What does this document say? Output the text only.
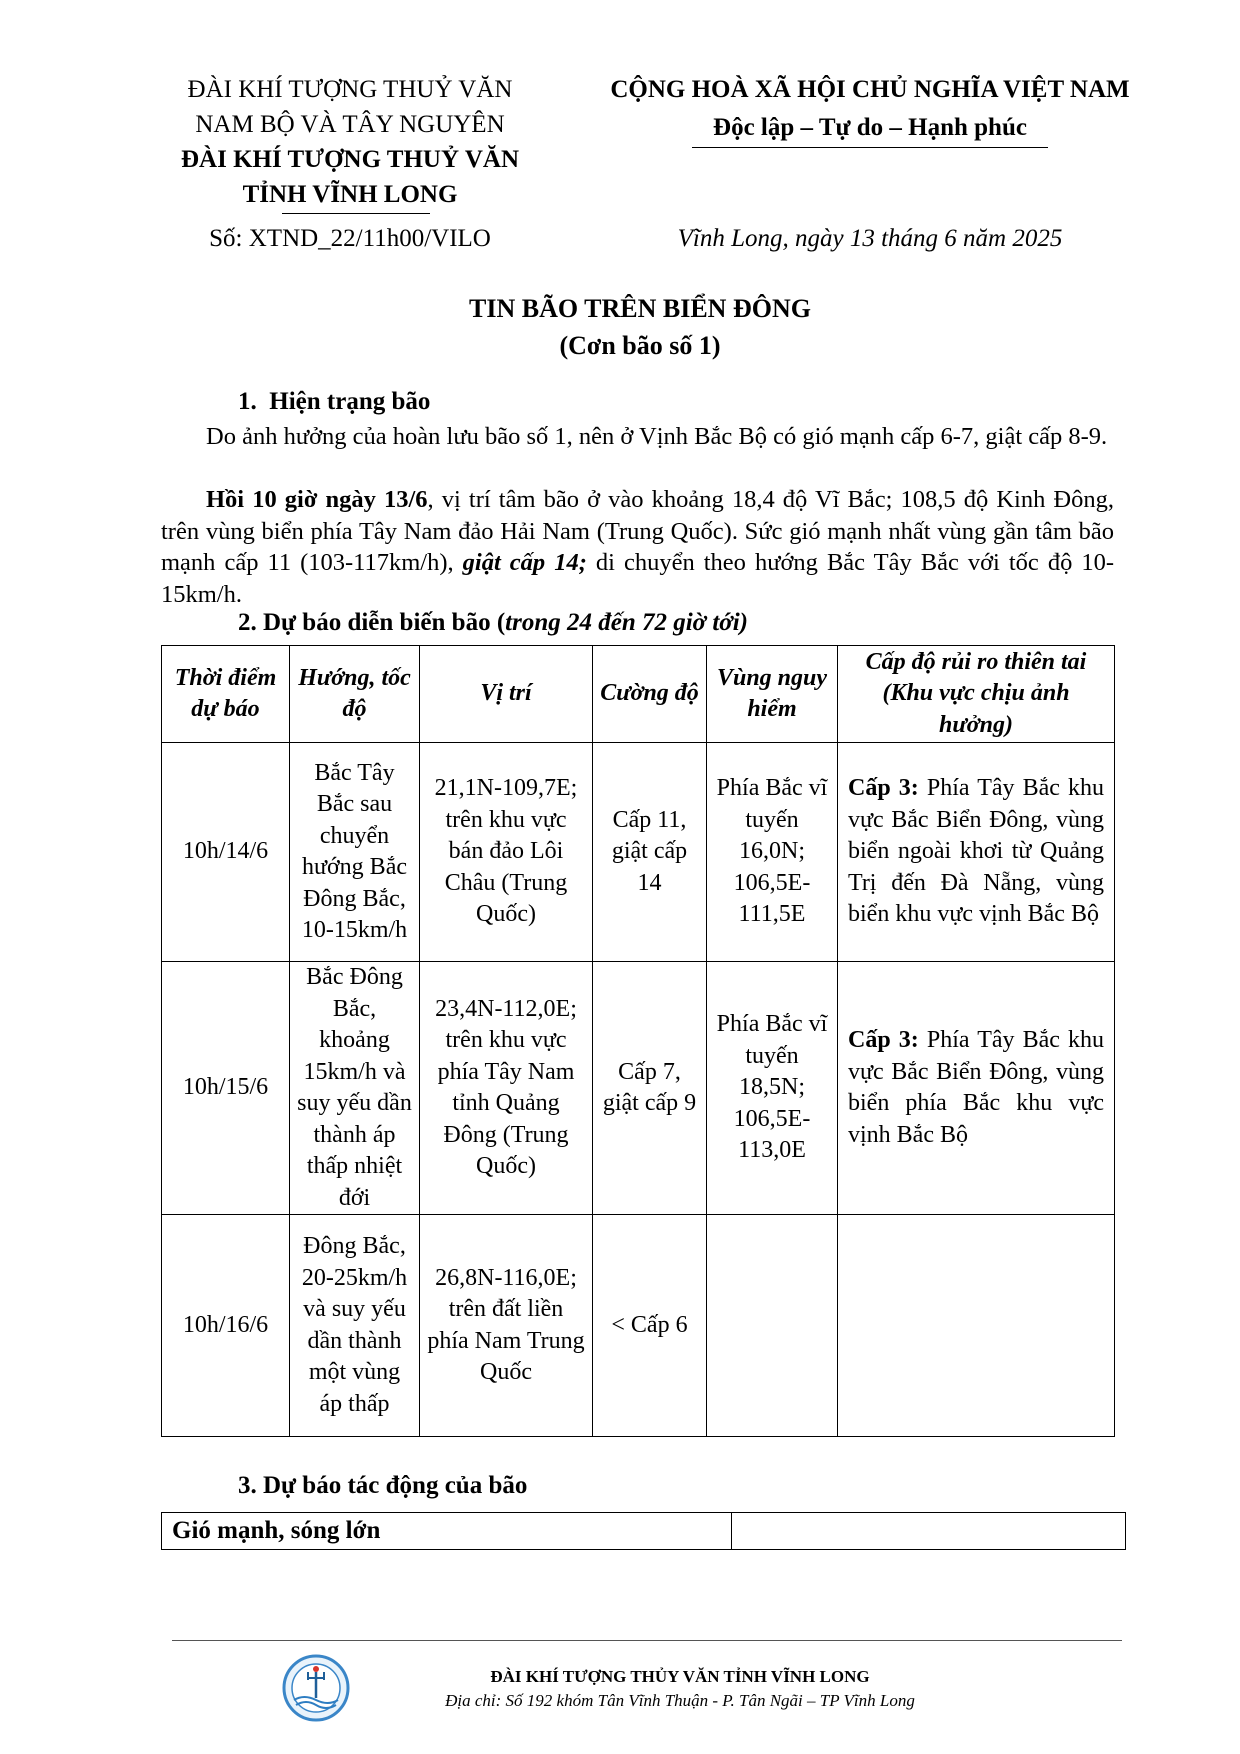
ĐÀI KHÍ TƯỢNG THUỶ VĂN
NAM BỘ VÀ TÂY NGUYÊN
ĐÀI KHÍ TƯỢNG THUỶ VĂN
TỈNH VĨNH LONG
Số: XTND_22/11h00/VILO
CỘNG HOÀ XÃ HỘI CHỦ NGHĨA VIỆT NAM
Độc lập – Tự do – Hạnh phúc
Vĩnh Long, ngày 13 tháng 6 năm 2025
TIN BÃO TRÊN BIỂN ĐÔNG
(Cơn bão số 1)
1. Hiện trạng bão
Do ảnh hưởng của hoàn lưu bão số 1, nên ở Vịnh Bắc Bộ có gió mạnh cấp 6-7, giật cấp 8-9.
Hồi 10 giờ ngày 13/6, vị trí tâm bão ở vào khoảng 18,4 độ Vĩ Bắc; 108,5 độ Kinh Đông, trên vùng biển phía Tây Nam đảo Hải Nam (Trung Quốc). Sức gió mạnh nhất vùng gần tâm bão mạnh cấp 11 (103-117km/h), giật cấp 14; di chuyển theo hướng Bắc Tây Bắc với tốc độ 10-15km/h.
2. Dự báo diễn biến bão (trong 24 đến 72 giờ tới)
Thời điểm dự báo	Hướng, tốc độ	Vị trí	Cường độ	Vùng nguy hiểm	Cấp độ rủi ro thiên tai (Khu vực chịu ảnh hưởng)
10h/14/6	Bắc Tây Bắc sau chuyển hướng Bắc Đông Bắc, 10-15km/h	21,1N-109,7E; trên khu vực bán đảo Lôi Châu (Trung Quốc)	Cấp 11, giật cấp 14	Phía Bắc vĩ tuyến 16,0N; 106,5E-111,5E	Cấp 3: Phía Tây Bắc khu vực Bắc Biển Đông, vùng biển ngoài khơi từ Quảng Trị đến Đà Nẵng, vùng biển khu vực vịnh Bắc Bộ
10h/15/6	Bắc Đông Bắc, khoảng 15km/h và suy yếu dần thành áp thấp nhiệt đới	23,4N-112,0E; trên khu vực phía Tây Nam tỉnh Quảng Đông (Trung Quốc)	Cấp 7, giật cấp 9	Phía Bắc vĩ tuyến 18,5N; 106,5E-113,0E	Cấp 3: Phía Tây Bắc khu vực Bắc Biển Đông, vùng biển phía Bắc khu vực vịnh Bắc Bộ
10h/16/6	Đông Bắc, 20-25km/h và suy yếu dần thành một vùng áp thấp	26,8N-116,0E; trên đất liền phía Nam Trung Quốc	< Cấp 6		
3. Dự báo tác động của bão
Gió mạnh, sóng lớn	
ĐÀI KHÍ TƯỢNG THỦY VĂN TỈNH VĨNH LONG
Địa chỉ: Số 192 khóm Tân Vĩnh Thuận - P. Tân Ngãi – TP Vĩnh Long
